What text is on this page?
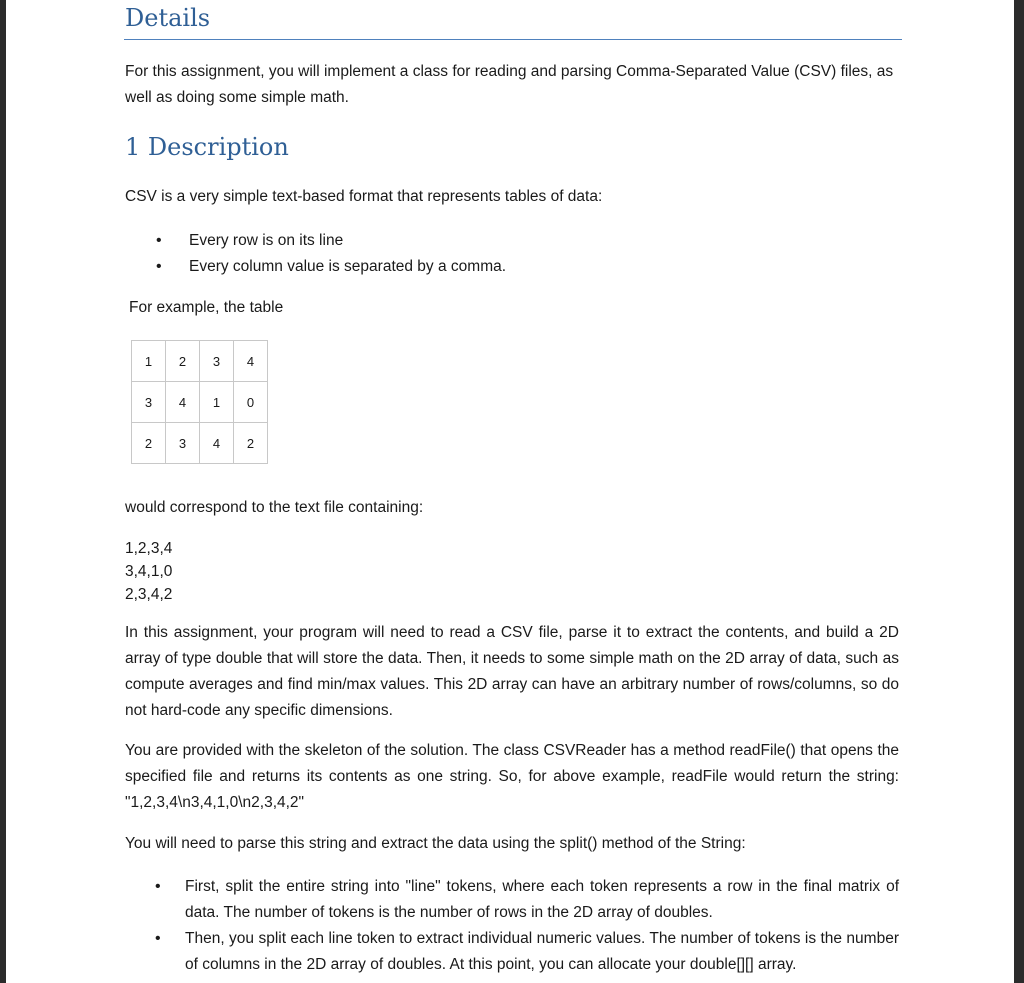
Details
For this assignment, you will implement a class for reading and parsing Comma-Separated Value (CSV) files, as well as doing some simple math.
1 Description
CSV is a very simple text-based format that represents tables of data:
• Every row is on its line
• Every column value is separated by a comma.
For example, the table
1	2	3	4
3	4	1	0
2	3	4	2
would correspond to the text file containing:
1,2,3,4
3,4,1,0
2,3,4,2
In this assignment, your program will need to read a CSV file, parse it to extract the contents, and build a 2D array of type double that will store the data. Then, it needs to some simple math on the 2D array of data, such as compute averages and find min/max values. This 2D array can have an arbitrary number of rows/columns, so do not hard-code any specific dimensions.
You are provided with the skeleton of the solution. The class CSVReader has a method readFile() that opens the specified file and returns its contents as one string. So, for above example, readFile would return the string: "1,2,3,4\n3,4,1,0\n2,3,4,2"
You will need to parse this string and extract the data using the split() method of the String:
• First, split the entire string into "line" tokens, where each token represents a row in the final matrix of data. The number of tokens is the number of rows in the 2D array of doubles.
• Then, you split each line token to extract individual numeric values. The number of tokens is the number of columns in the 2D array of doubles. At this point, you can allocate your double[][] array.
